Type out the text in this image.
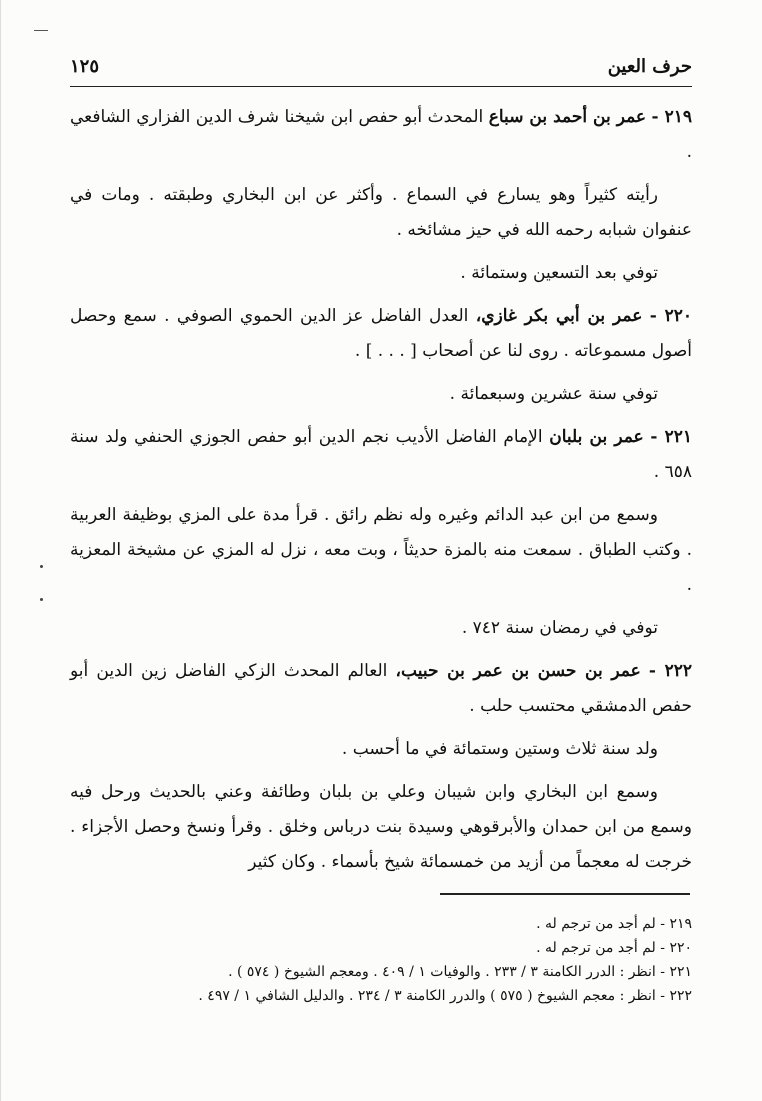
حرف العين
١٢٥

٢١٩ - عمر بن أحمد بن سباع المحدث أبو حفص ابن شيخنا شرف الدين الفزاري الشافعي .

رأيته كثيراً وهو يسارع في السماع . وأكثر عن ابن البخاري وطبقته . ومات في عنفوان شبابه رحمه الله في حيز مشائخه .

توفي بعد التسعين وستمائة .

٢٢٠ - عمر بن أبي بكر غازي، العدل الفاضل عز الدين الحموي الصوفي . سمع وحصل أصول مسموعاته . روى لنا عن أصحاب [ . . . ] .

توفي سنة عشرين وسبعمائة .

٢٢١ - عمر بن بلبان الإمام الفاضل الأديب نجم الدين أبو حفص الجوزي الحنفي ولد سنة ٦٥٨ .

وسمع من ابن عبد الدائم وغيره وله نظم رائق . قرأ مدة على المزي بوظيفة العربية . وكتب الطباق . سمعت منه بالمزة حديثاً ، وبت معه ، نزل له المزي عن مشيخة المعزية .

توفي في رمضان سنة ٧٤٢ .

٢٢٢ - عمر بن حسن بن عمر بن حبيب، العالم المحدث الزكي الفاضل زين الدين أبو حفص الدمشقي محتسب حلب .

ولد سنة ثلاث وستين وستمائة في ما أحسب .

وسمع ابن البخاري وابن شيبان وعلي بن بلبان وطائفة وعني بالحديث ورحل فيه وسمع من ابن حمدان والأبرقوهي وسيدة بنت درباس وخلق . وقرأ ونسخ وحصل الأجزاء . خرجت له معجماً من أزيد من خمسمائة شيخ بأسماء . وكان كثير

٢١٩ - لم أجد من ترجم له .

٢٢٠ - لم أجد من ترجم له .

٢٢١ - انظر : الدرر الكامنة ٣ / ٢٣٣ . والوفيات ١ / ٤٠٩ . ومعجم الشيوخ ( ٥٧٤ ) .

٢٢٢ - انظر : معجم الشيوخ ( ٥٧٥ ) والدرر الكامنة ٣ / ٢٣٤ . والدليل الشافي ١ / ٤٩٧ .
